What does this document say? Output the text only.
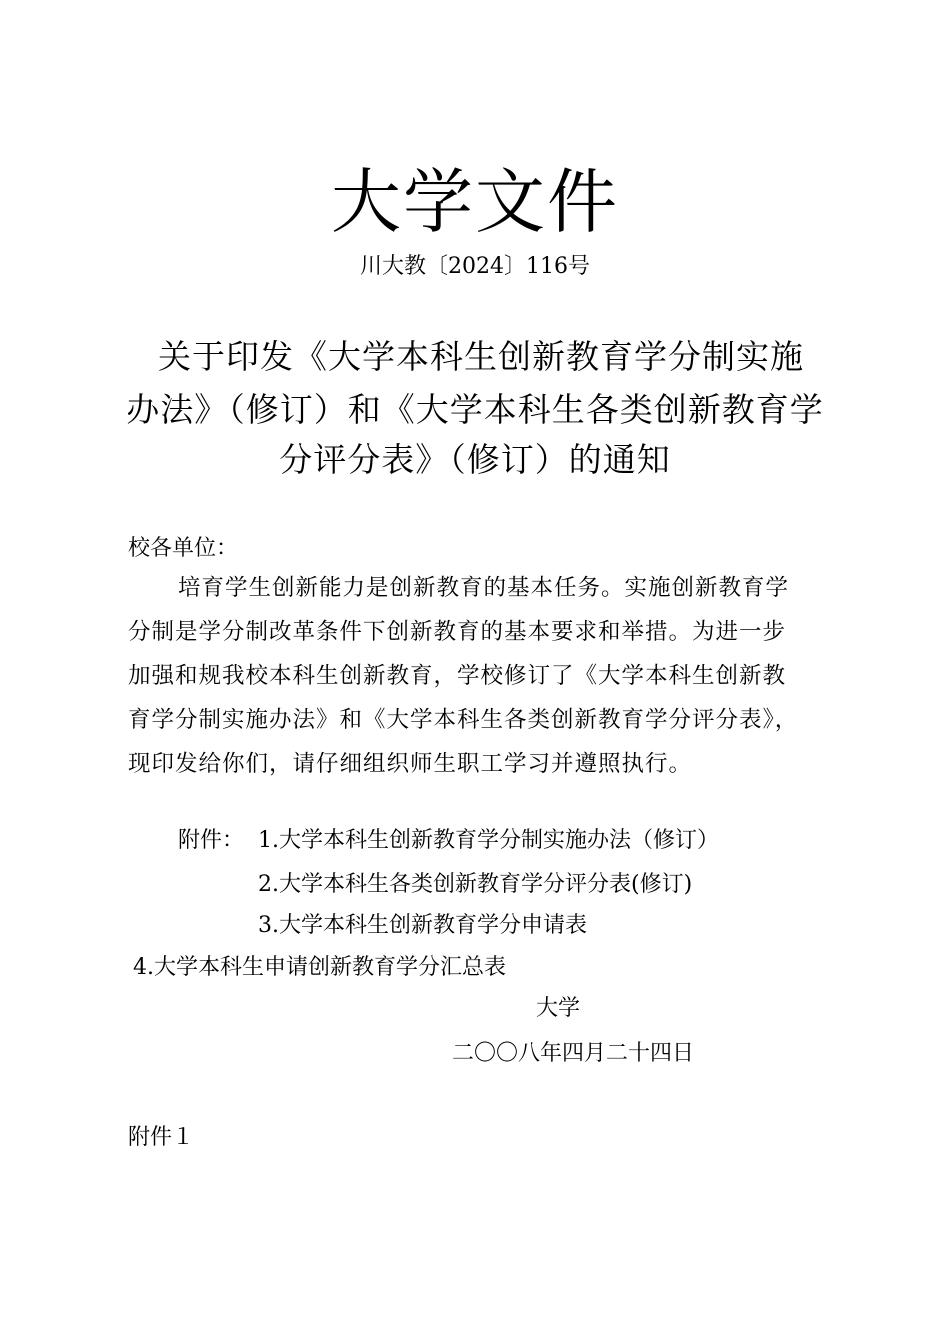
大学文件
川大教〔2024〕116号
关于印发《大学本科生创新教育学分制实施
办法》（修订）和《大学本科生各类创新教育学
分评分表》（修订）的通知
校各单位：
培育学生创新能力是创新教育的基本任务。实施创新教育学
分制是学分制改革条件下创新教育的基本要求和举措。为进一步
加强和规我校本科生创新教育，学校修订了《大学本科生创新教
育学分制实施办法》和《大学本科生各类创新教育学分评分表》，
现印发给你们，请仔细组织师生职工学习并遵照执行。
附件： 1.大学本科生创新教育学分制实施办法（修订）
2.大学本科生各类创新教育学分评分表(修订)
3.大学本科生创新教育学分申请表
4.大学本科生申请创新教育学分汇总表
大学
二〇〇八年四月二十四日
附件１
